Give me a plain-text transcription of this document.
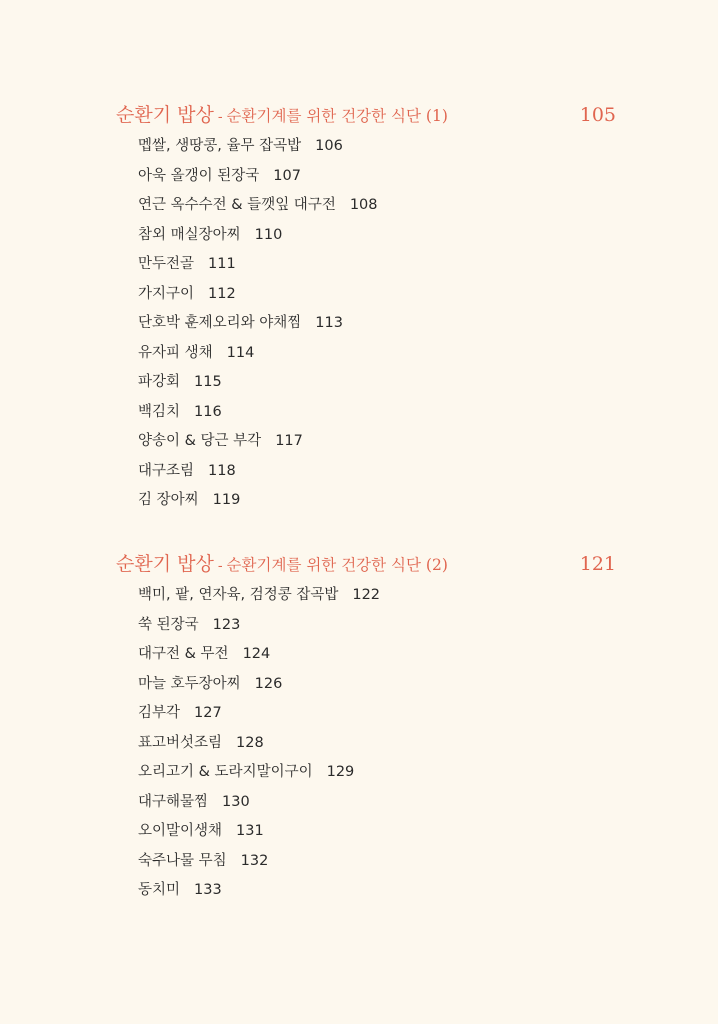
순환기 밥상 - 순환기계를 위한 건강한 식단 (1)	105
멥쌀, 생땅콩, 율무 잡곡밥 106
아욱 올갱이 된장국 107
연근 옥수수전 & 들깻잎 대구전 108
참외 매실장아찌 110
만두전골 111
가지구이 112
단호박 훈제오리와 야채찜 113
유자피 생채 114
파강회 115
백김치 116
양송이 & 당근 부각 117
대구조림 118
김 장아찌 119
순환기 밥상 - 순환기계를 위한 건강한 식단 (2)	121
백미, 팥, 연자육, 검정콩 잡곡밥 122
쑥 된장국 123
대구전 & 무전 124
마늘 호두장아찌 126
김부각 127
표고버섯조림 128
오리고기 & 도라지말이구이 129
대구해물찜 130
오이말이생채 131
숙주나물 무침 132
동치미 133
